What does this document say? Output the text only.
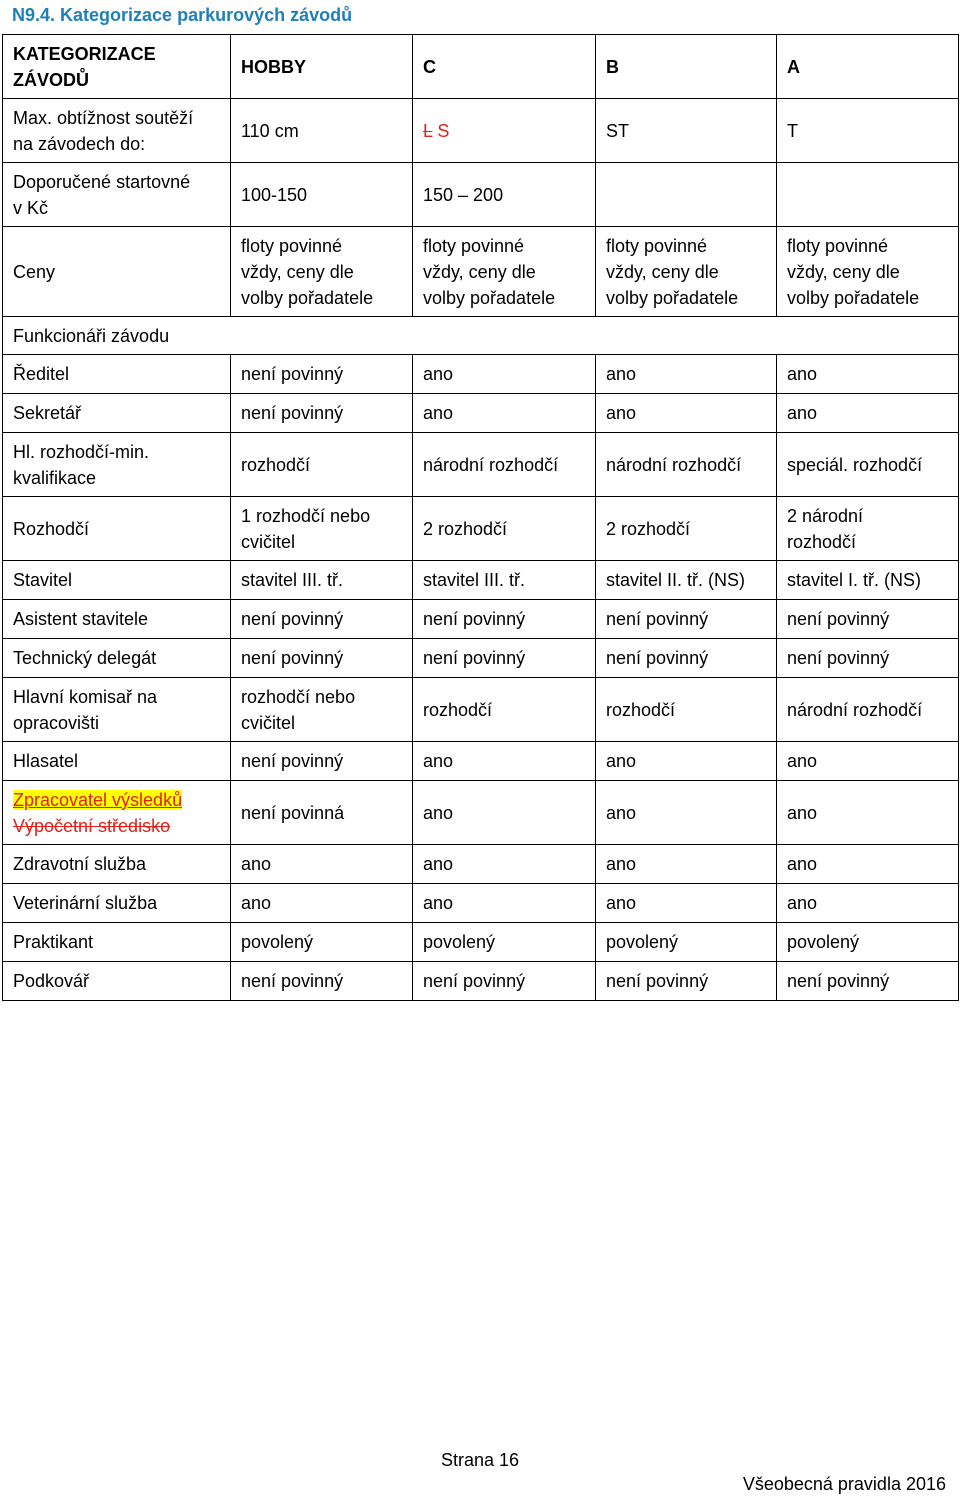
N9.4. Kategorizace parkurových závodů
KATEGORIZACE
ZÁVODŮ	HOBBY	C	B	A

Max. obtížnost soutěží
na závodech do:	110 cm	L S	ST	T

Doporučené startovné
v Kč	100-150	150 – 200		
Ceny	floty povinné
vždy, ceny dle
volby pořadatele	floty povinné
vždy, ceny dle
volby pořadatele	floty povinné
vždy, ceny dle
volby pořadatele	floty povinné
vždy, ceny dle
volby pořadatele

Funkcionáři závodu				
Ředitel	není povinný	ano	ano	ano
Sekretář	není povinný	ano	ano	ano

Hl. rozhodčí-min.
kvalifikace	rozhodčí	národní rozhodčí	národní rozhodčí	speciál. rozhodčí
Rozhodčí	1 rozhodčí nebo
cvičitel	2 rozhodčí	2 rozhodčí	2 národní
rozhodčí

Stavitel	stavitel III. tř.	stavitel III. tř.	stavitel II. tř. (NS)	stavitel I. tř. (NS)
Asistent stavitele	není povinný	není povinný	není povinný	není povinný
Technický delegát	není povinný	není povinný	není povinný	není povinný

Hlavní komisař na
opracovišti	rozhodčí nebo
cvičitel	rozhodčí	rozhodčí	národní rozhodčí
Hlasatel	není povinný	ano	ano	ano

Zpracovatel výsledků
Výpočetní středisko	není povinná	ano	ano	ano
Zdravotní služba	ano	ano	ano	ano
Veterinární služba	ano	ano	ano	ano
Praktikant	povolený	povolený	povolený	povolený
Podkovář	není povinný	není povinný	není povinný	není povinný
Strana 16
Všeobecná pravidla 2016
